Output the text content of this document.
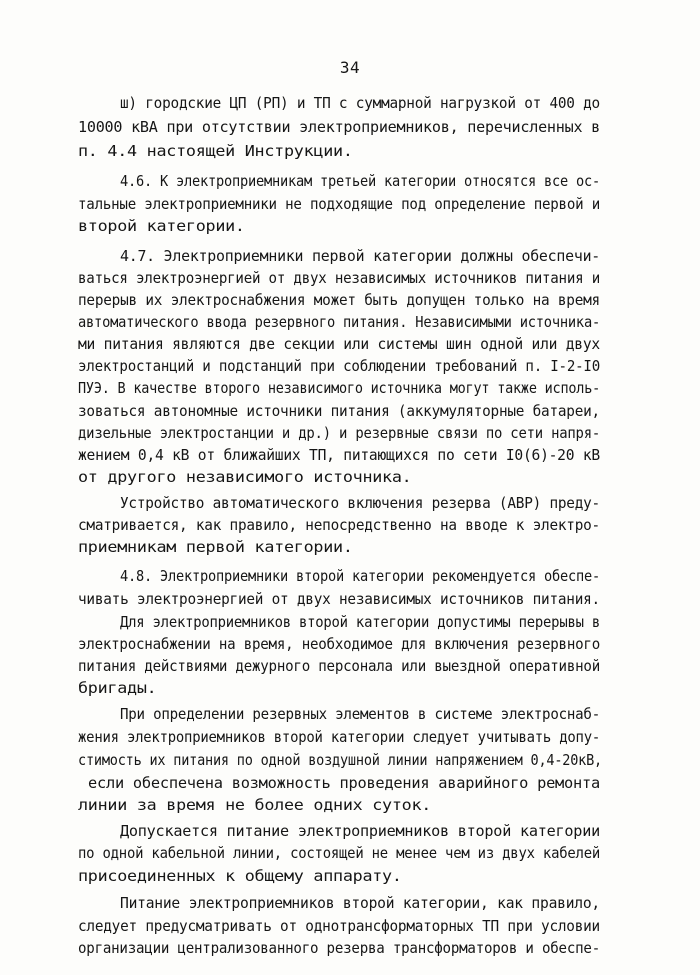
34
ш) городские ЦП (РП) и ТП с суммарной нагрузкой от 400 до
10000 кВА при отсутствии электроприемников, перечисленных в
п. 4.4 настоящей Инструкции.
4.6. К электроприемникам третьей категории относятся все ос-
тальные электроприемники не подходящие под определение первой и
второй категории.
4.7. Электроприемники первой категории должны обеспечи-
ваться электроэнергией от двух независимых источников питания и
перерыв их электроснабжения может быть допущен только на время
автоматического ввода резервного питания. Независимыми источника-
ми питания являются две секции или системы шин одной или двух
электростанций и подстанций при соблюдении требований п. I-2-I0
ПУЭ. В качестве второго независимого источника могут также исполь-
зоваться автономные источники питания (аккумуляторные батареи,
дизельные электростанции и др.) и резервные связи по сети напря-
жением 0,4 кВ от ближайших ТП, питающихся по сети I0(6)-20 кВ
от другого независимого источника.
Устройство автоматического включения резерва (АВР) преду-
сматривается, как правило, непосредственно на вводе к электро-
приемникам первой категории.
4.8. Электроприемники второй категории рекомендуется обеспе-
чивать электроэнергией от двух независимых источников питания.
Для электроприемников второй категории допустимы перерывы в
электроснабжении на время, необходимое для включения резервного
питания действиями дежурного персонала или выездной оперативной
бригады.
При определении резервных элементов в системе электроснаб-
жения электроприемников второй категории следует учитывать допу-
стимость их питания по одной воздушной линии напряжением 0,4-20кВ,
если обеспечена возможность проведения аварийного ремонта
линии за время не более одних суток.
Допускается питание электроприемников второй категории
по одной кабельной линии, состоящей не менее чем из двух кабелей
присоединенных к общему аппарату.
Питание электроприемников второй категории, как правило,
следует предусматривать от однотрансформаторных ТП при условии
организации централизованного резерва трансформаторов и обеспе-
